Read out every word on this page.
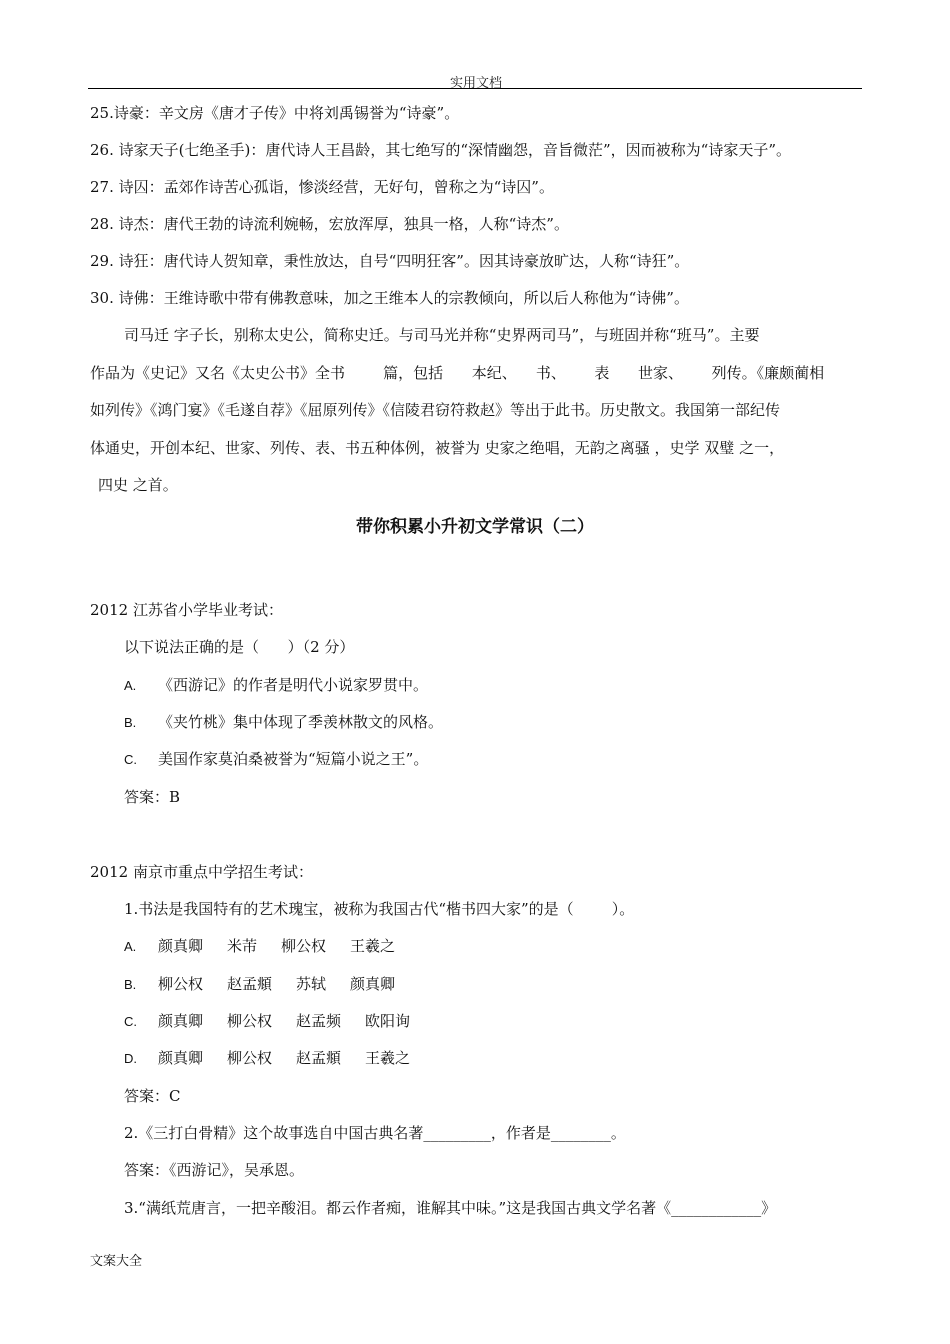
实用文档
25.诗豪：辛文房《唐才子传》中将刘禹锡誉为“诗豪”。
26. 诗家天子(七绝圣手)：唐代诗人王昌龄，其七绝写的“深情幽怨，音旨微茫”，因而被称为“诗家天子”。
27. 诗囚：孟郊作诗苦心孤诣，惨淡经营，无好句，曾称之为“诗囚”。
28. 诗杰：唐代王勃的诗流利婉畅，宏放浑厚，独具一格，人称“诗杰”。
29. 诗狂：唐代诗人贺知章，秉性放达，自号“四明狂客”。因其诗豪放旷达，人称“诗狂”。
30. 诗佛：王维诗歌中带有佛教意味，加之王维本人的宗教倾向，所以后人称他为“诗佛”。
司马迁 字子长，别称太史公，简称史迁。与司马光并称“史界两司马”，与班固并称“班马”。主要
作品为《史记》又名《太史公书》全书        篇，包括      本纪、    书、      表      世家、      列传。《廉颇蔺相
如列传》《鸿门宴》《毛遂自荐》《屈原列传》《信陵君窃符救赵》等出于此书。历史散文。我国第一部纪传
体通史，开创本纪、世家、列传、表、书五种体例，被誉为 史家之绝唱，无韵之离骚 ，史学 双璧 之一，
四史 之首。
带你积累小升初文学常识（二）
2012 江苏省小学毕业考试：
以下说法正确的是（      ）（2 分）
A. 《西游记》的作者是明代小说家罗贯中。
B. 《夹竹桃》集中体现了季羡林散文的风格。
C. 美国作家莫泊桑被誉为“短篇小说之王”。
答案：B
2012 南京市重点中学招生考试：
1.书法是我国特有的艺术瑰宝，被称为我国古代“楷书四大家”的是（        ）。
A. 颜真卿 米芾 柳公权 王羲之
B. 柳公权 赵孟頫 苏轼 颜真卿
C. 颜真卿 柳公权 赵孟频 欧阳询
D. 颜真卿 柳公权 赵孟頫 王羲之
答案：C
2.《三打白骨精》这个故事选自中国古典名著_________，作者是________。
答案：《西游记》，吴承恩。
3.“满纸荒唐言，一把辛酸泪。都云作者痴，谁解其中味。”这是我国古典文学名著《____________》
文案大全
